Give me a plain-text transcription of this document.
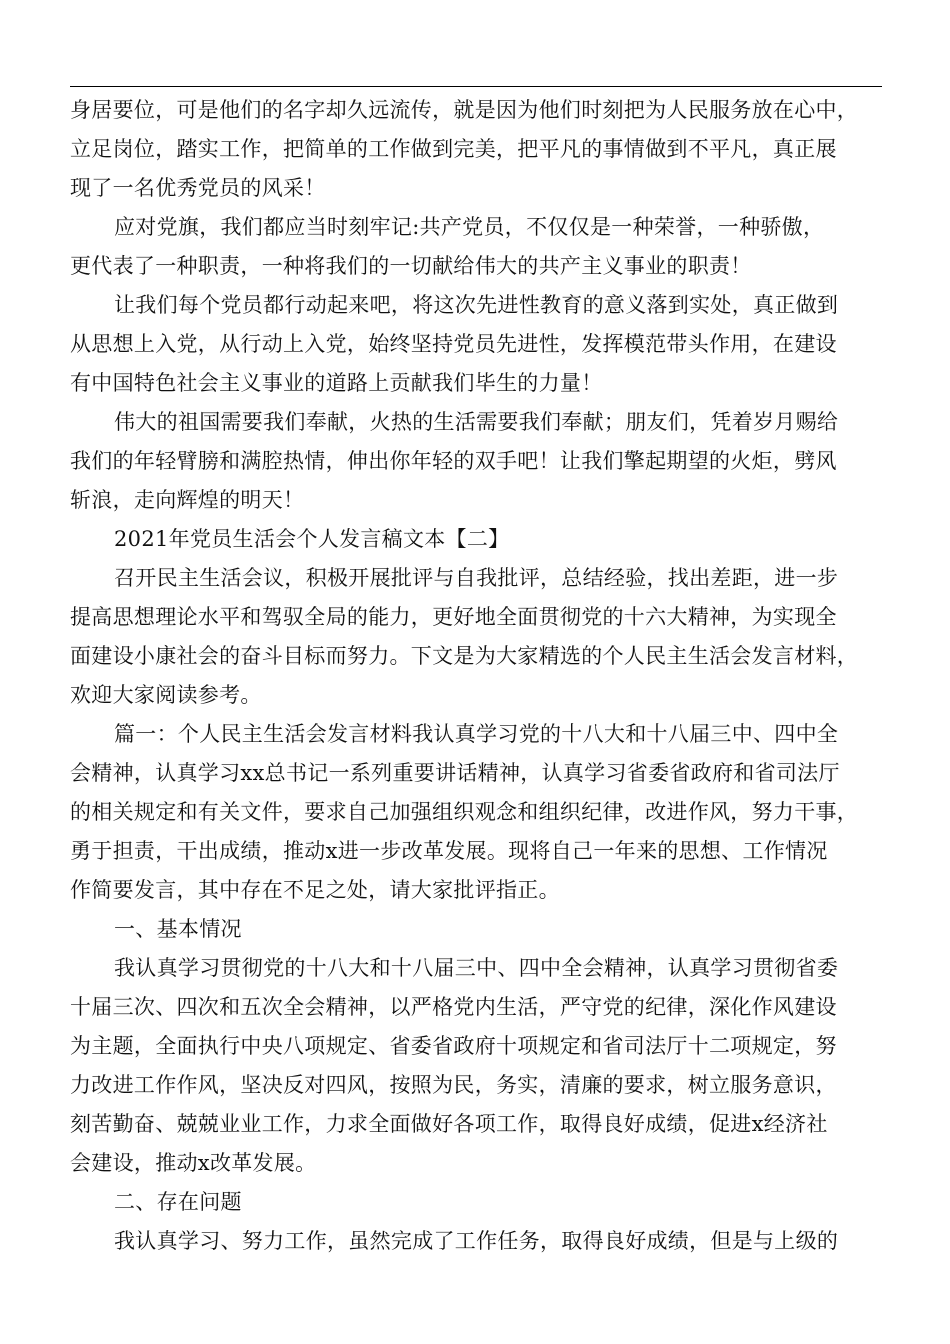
身居要位，可是他们的名字却久远流传，就是因为他们时刻把为人民服务放在心中，
立足岗位，踏实工作，把简单的工作做到完美，把平凡的事情做到不平凡，真正展
现了一名优秀党员的风采！
应对党旗，我们都应当时刻牢记:共产党员，不仅仅是一种荣誉，一种骄傲，
更代表了一种职责，一种将我们的一切献给伟大的共产主义事业的职责！
让我们每个党员都行动起来吧，将这次先进性教育的意义落到实处，真正做到
从思想上入党，从行动上入党，始终坚持党员先进性，发挥模范带头作用，在建设
有中国特色社会主义事业的道路上贡献我们毕生的力量！
伟大的祖国需要我们奉献，火热的生活需要我们奉献；朋友们，凭着岁月赐给
我们的年轻臂膀和满腔热情，伸出你年轻的双手吧！让我们擎起期望的火炬，劈风
斩浪，走向辉煌的明天！
2021年党员生活会个人发言稿文本【二】
召开民主生活会议，积极开展批评与自我批评，总结经验，找出差距，进一步
提高思想理论水平和驾驭全局的能力，更好地全面贯彻党的十六大精神，为实现全
面建设小康社会的奋斗目标而努力。下文是为大家精选的个人民主生活会发言材料，
欢迎大家阅读参考。
篇一：个人民主生活会发言材料我认真学习党的十八大和十八届三中、四中全
会精神，认真学习xx总书记一系列重要讲话精神，认真学习省委省政府和省司法厅
的相关规定和有关文件，要求自己加强组织观念和组织纪律，改进作风，努力干事，
勇于担责，干出成绩，推动x进一步改革发展。现将自己一年来的思想、工作情况
作简要发言，其中存在不足之处，请大家批评指正。
一、基本情况
我认真学习贯彻党的十八大和十八届三中、四中全会精神，认真学习贯彻省委
十届三次、四次和五次全会精神，以严格党内生活，严守党的纪律，深化作风建设
为主题，全面执行中央八项规定、省委省政府十项规定和省司法厅十二项规定，努
力改进工作作风，坚决反对四风，按照为民，务实，清廉的要求，树立服务意识，
刻苦勤奋、兢兢业业工作，力求全面做好各项工作，取得良好成绩，促进x经济社
会建设，推动x改革发展。
二、存在问题
我认真学习、努力工作，虽然完成了工作任务，取得良好成绩，但是与上级的
